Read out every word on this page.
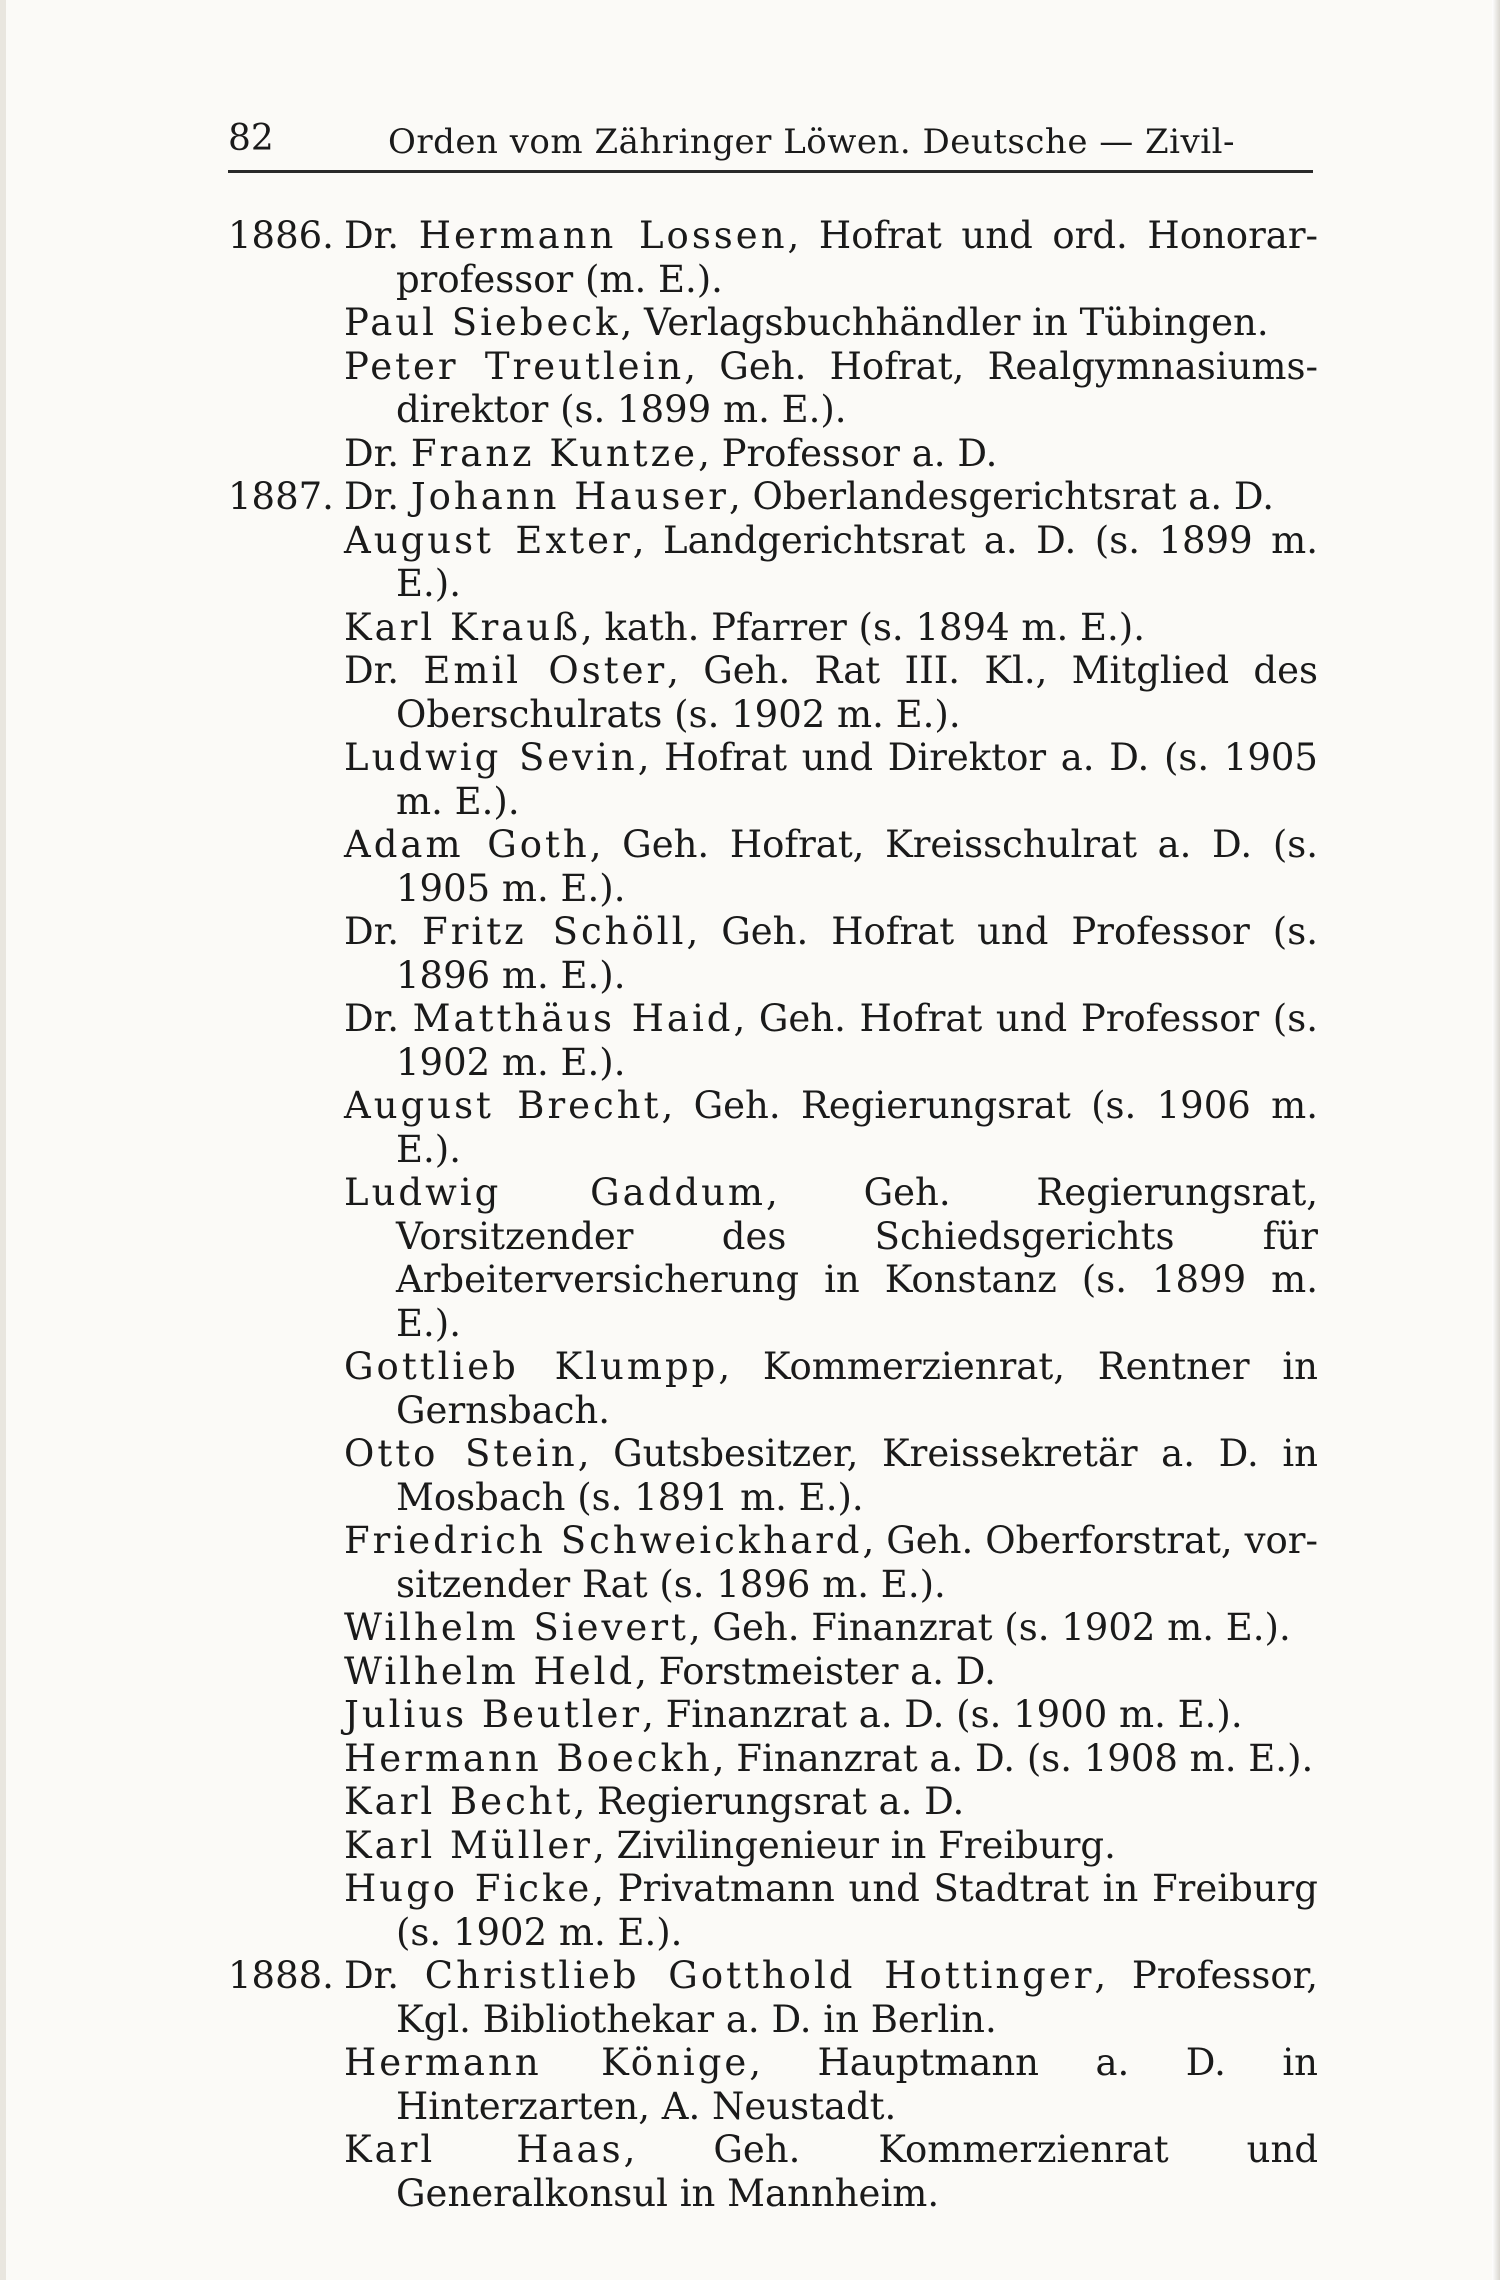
82	Orden vom Zähringer Löwen. Deutsche — Zivil-
1886. Dr. Hermann Lossen, Hofrat und ord. Honorar-professor (m. E.).
Paul Siebeck, Verlagsbuchhändler in Tübingen.
Peter Treutlein, Geh. Hofrat, Realgymnasiums-direktor (s. 1899 m. E.).
Dr. Franz Kuntze, Professor a. D.
1887. Dr. Johann Hauser, Oberlandesgerichtsrat a. D.
August Exter, Landgerichtsrat a. D. (s. 1899 m. E.).
Karl Krauß, kath. Pfarrer (s. 1894 m. E.).
Dr. Emil Oster, Geh. Rat III. Kl., Mitglied des Oberschulrats (s. 1902 m. E.).
Ludwig Sevin, Hofrat und Direktor a. D. (s. 1905 m. E.).
Adam Goth, Geh. Hofrat, Kreisschulrat a. D. (s. 1905 m. E.).
Dr. Fritz Schöll, Geh. Hofrat und Professor (s. 1896 m. E.).
Dr. Matthäus Haid, Geh. Hofrat und Professor (s. 1902 m. E.).
August Brecht, Geh. Regierungsrat (s. 1906 m. E.).
Ludwig Gaddum, Geh. Regierungsrat, Vorsitzender des Schiedsgerichts für Arbeiterversicherung in Konstanz (s. 1899 m. E.).
Gottlieb Klumpp, Kommerzienrat, Rentner in Gernsbach.
Otto Stein, Gutsbesitzer, Kreissekretär a. D. in Mosbach (s. 1891 m. E.).
Friedrich Schweickhard, Geh. Oberforstrat, vor-sitzender Rat (s. 1896 m. E.).
Wilhelm Sievert, Geh. Finanzrat (s. 1902 m. E.).
Wilhelm Held, Forstmeister a. D.
Julius Beutler, Finanzrat a. D. (s. 1900 m. E.).
Hermann Boeckh, Finanzrat a. D. (s. 1908 m. E.).
Karl Becht, Regierungsrat a. D.
Karl Müller, Zivilingenieur in Freiburg.
Hugo Ficke, Privatmann und Stadtrat in Freiburg (s. 1902 m. E.).
1888. Dr. Christlieb Gotthold Hottinger, Professor, Kgl. Bibliothekar a. D. in Berlin.
Hermann Könige, Hauptmann a. D. in Hinterzarten, A. Neustadt.
Karl Haas, Geh. Kommerzienrat und Generalkonsul in Mannheim.
